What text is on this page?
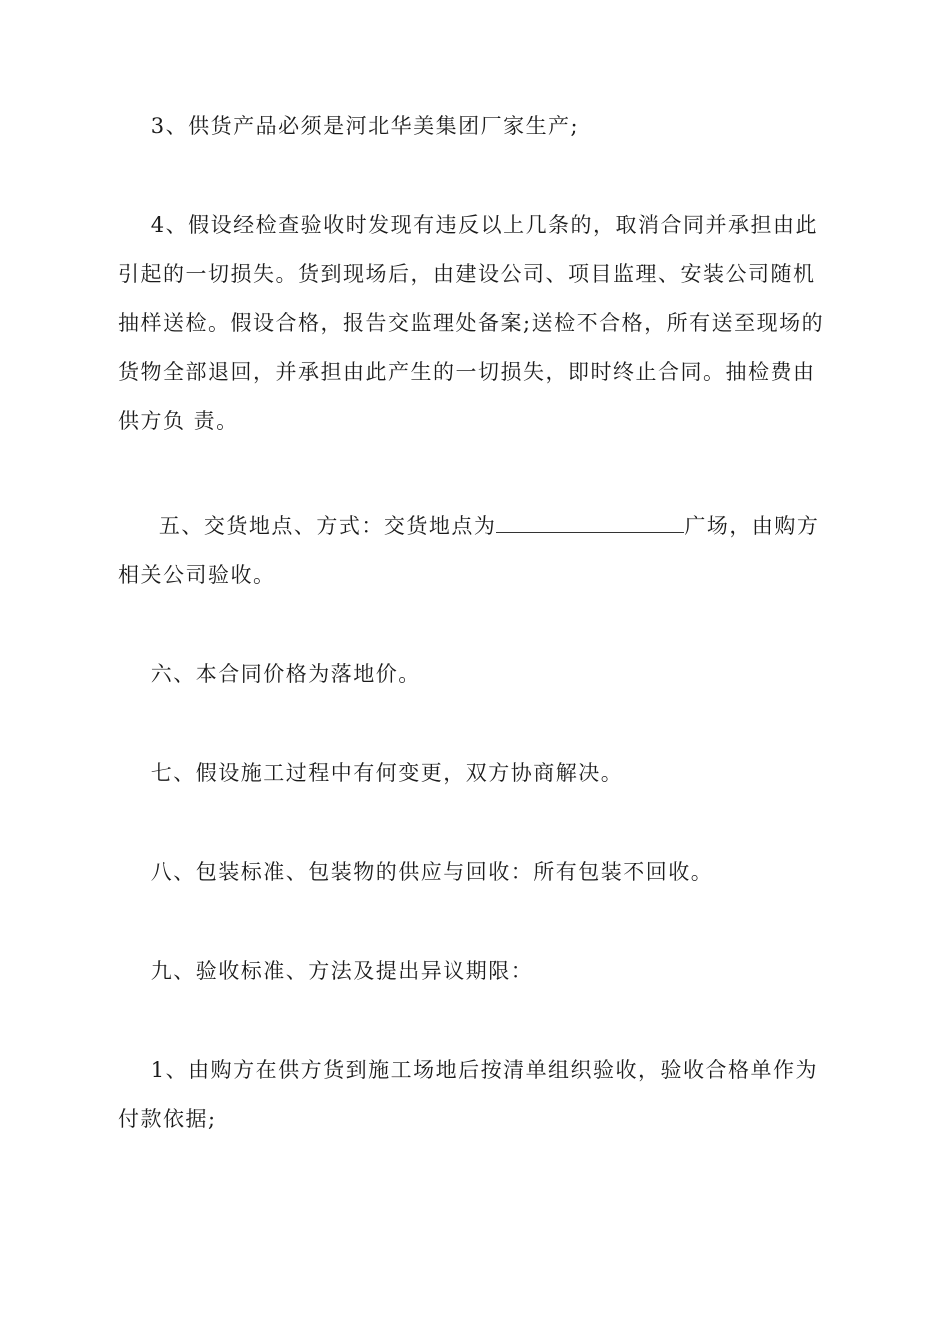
3、供货产品必须是河北华美集团厂家生产;

4、假设经检查验收时发现有违反以上几条的，取消合同并承担由此引起的一切损失。货到现场后，由建设公司、项目监理、安装公司随机抽样送检。假设合格，报告交监理处备案;送检不合格，所有送至现场的货物全部退回，并承担由此产生的一切损失，即时终止合同。抽检费由供方负 责。

五、交货地点、方式：交货地点为	广场，由购方相关公司验收。

六、本合同价格为落地价。

七、假设施工过程中有何变更，双方协商解决。

八、包装标准、包装物的供应与回收：所有包装不回收。

九、验收标准、方法及提出异议期限：

1、由购方在供方货到施工场地后按清单组织验收，验收合格单作为付款依据;
